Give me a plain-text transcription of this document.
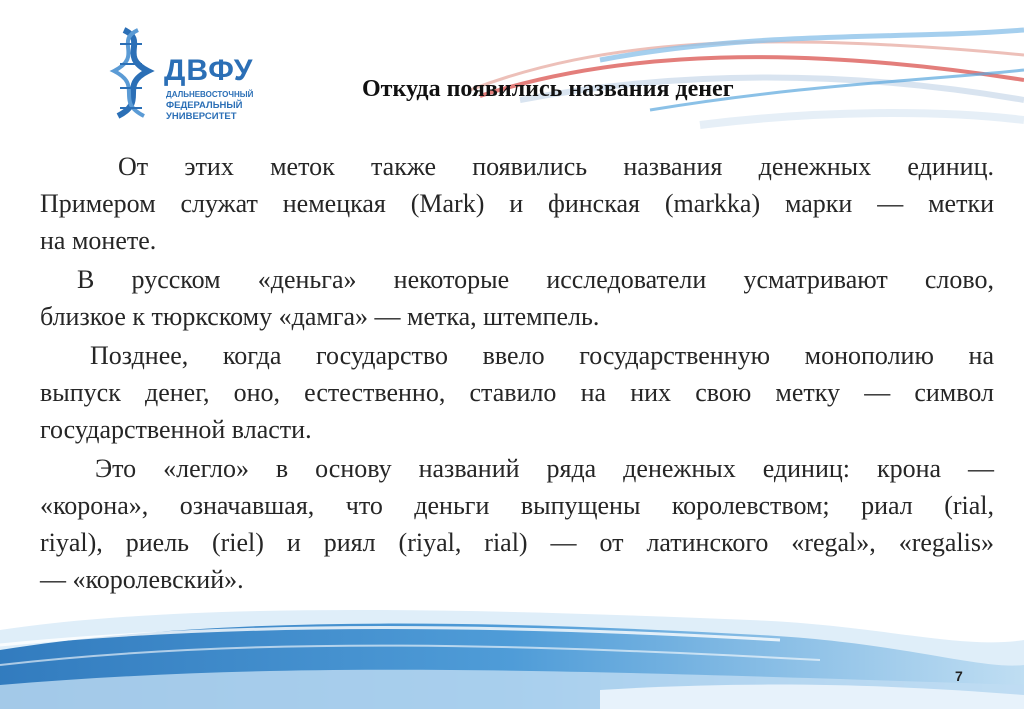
ДВФУ
ДАЛЬНЕВОСТОЧНЫЙ
ФЕДЕРАЛЬНЫЙ
УНИВЕРСИТЕТ
Откуда появились названия денег
От этих меток также появились названия денежных единиц.
Примером служат немецкая (Mark) и финская (markka) марки — метки
на монете.
В русском «деньга» некоторые исследователи усматривают слово,
близкое к тюркскому «дамга» — метка, штемпель.
Позднее, когда государство ввело государственную монополию на
выпуск денег, оно, естественно, ставило на них свою метку — символ
государственной власти.
Это «легло» в основу названий ряда денежных единиц: крона —
«корона», означавшая, что деньги выпущены королевством; риал (rial,
riyal), риель (riel) и риял (riyal, rial) — от латинского «regal», «regalis»
— «королевский».
7
